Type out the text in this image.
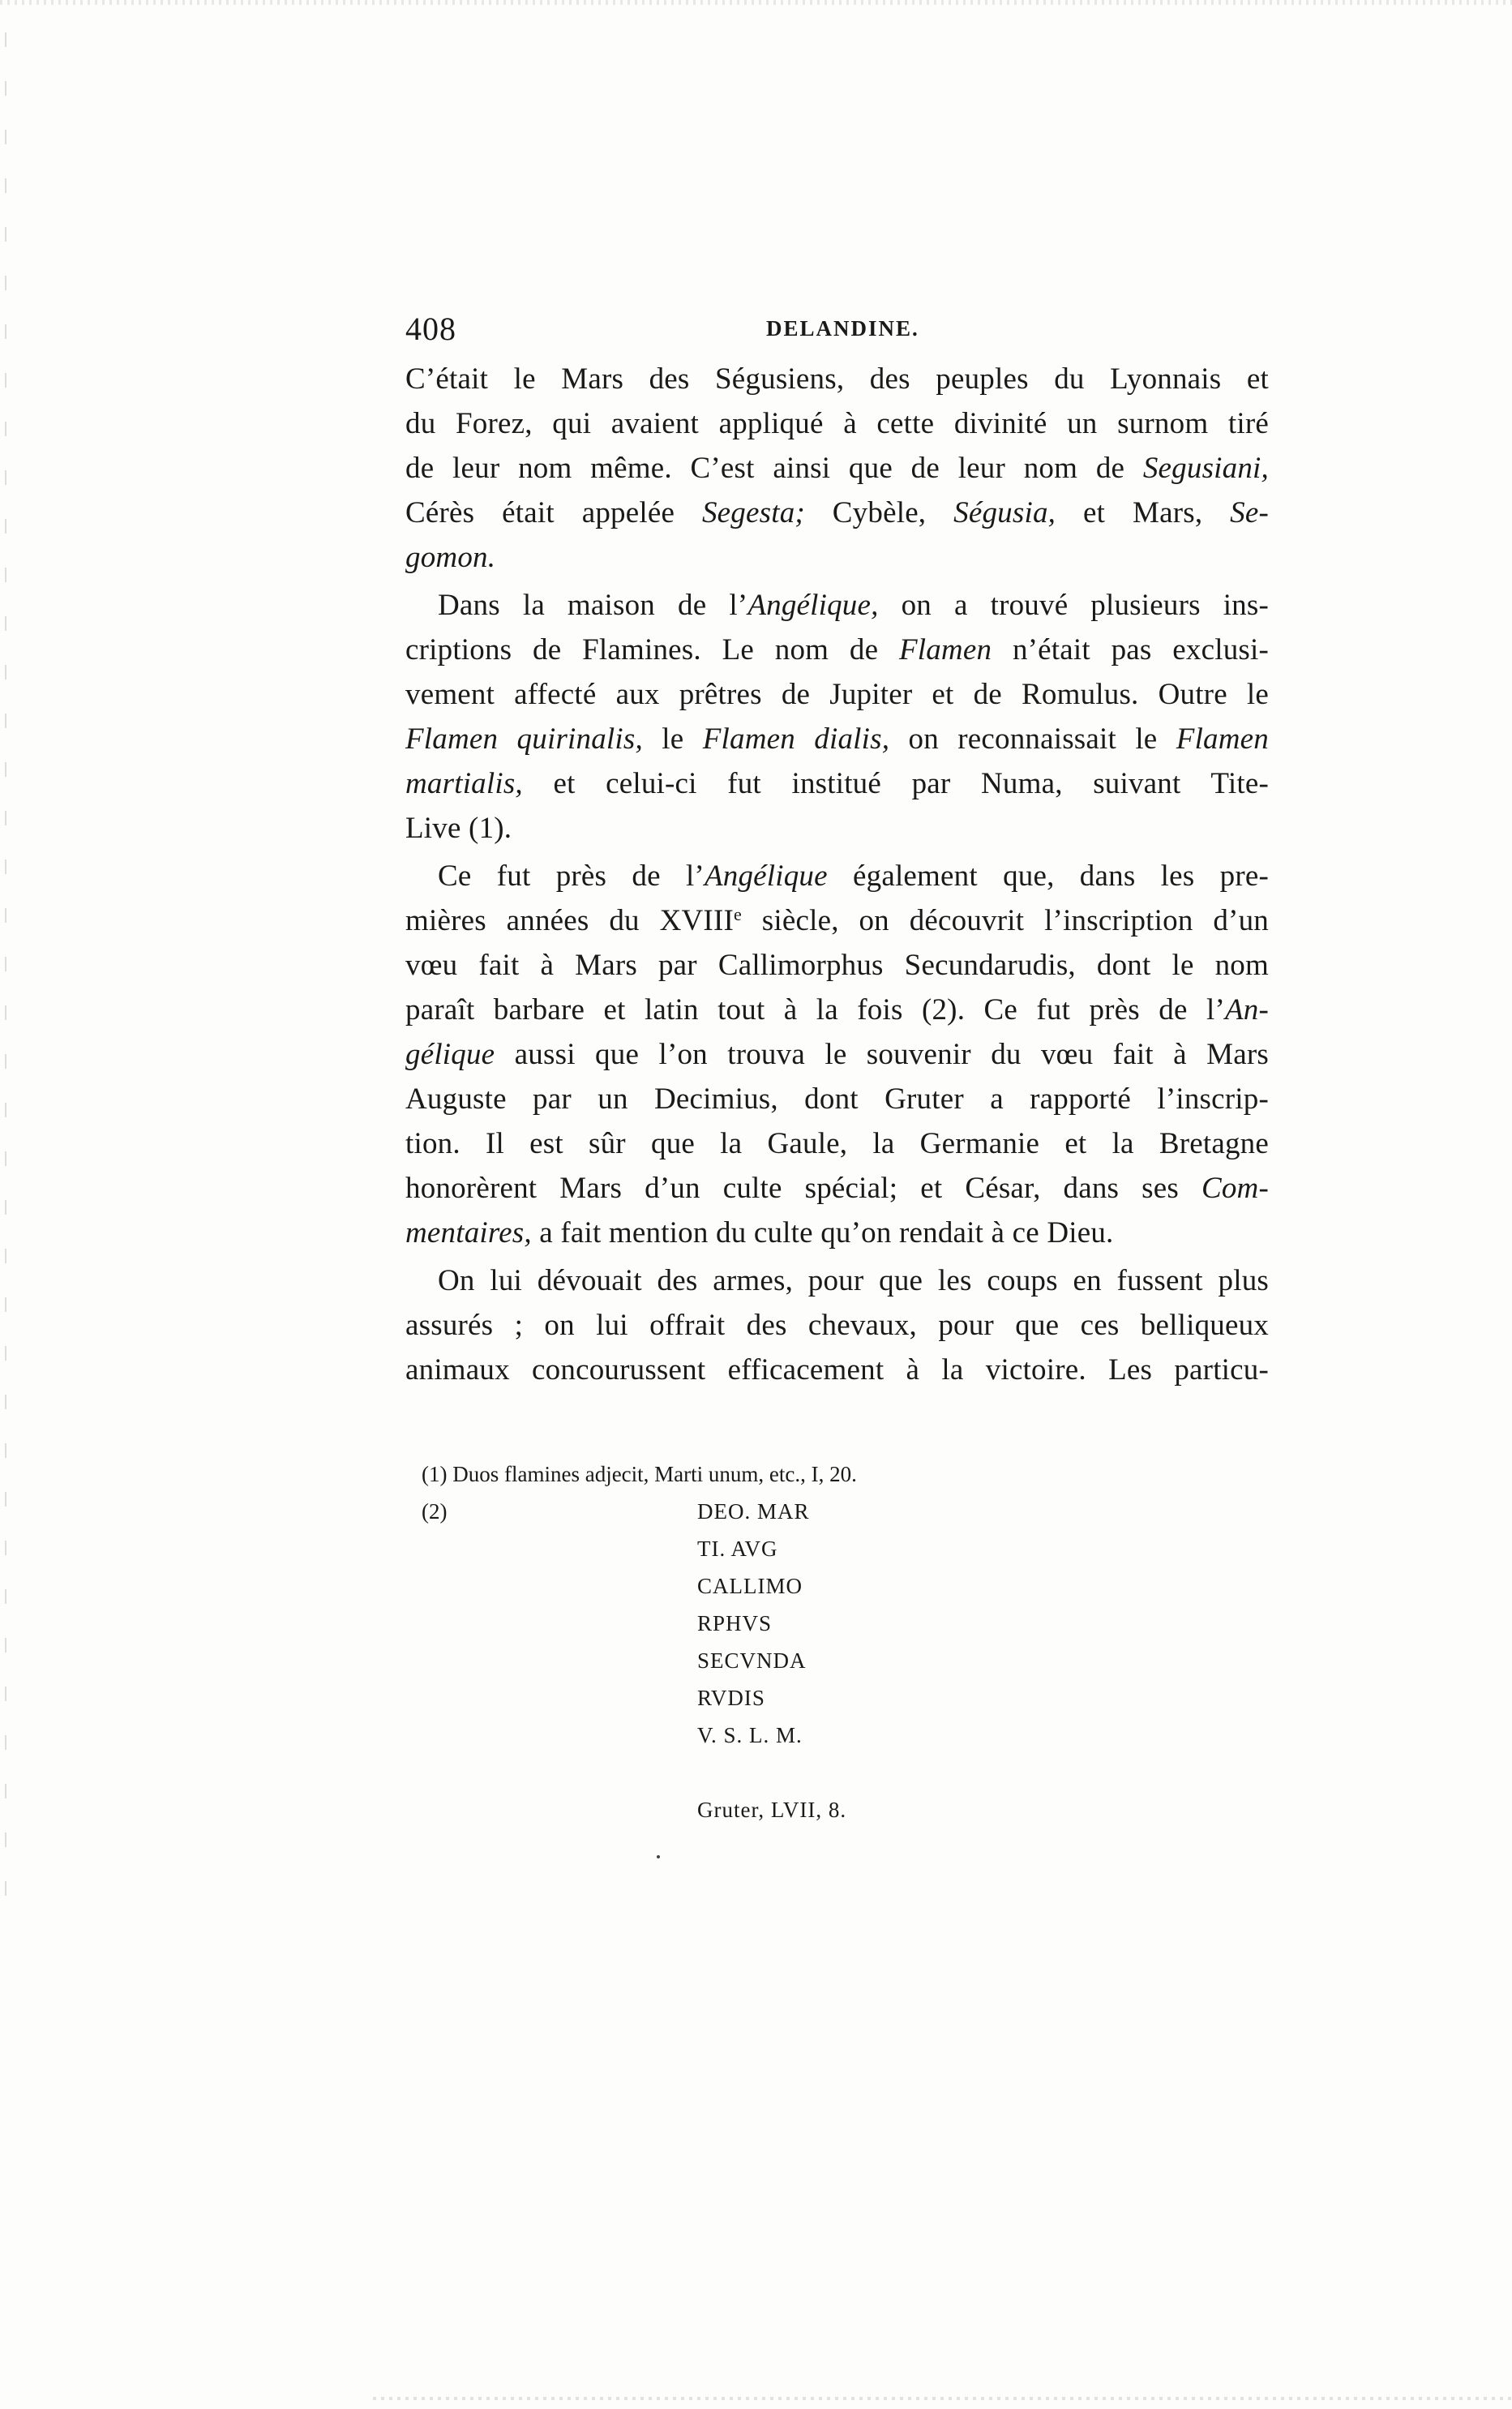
408	DELANDINE.
C’était le Mars des Ségusiens, des peuples du Lyonnais et
du Forez, qui avaient appliqué à cette divinité un surnom tiré
de leur nom même. C’est ainsi que de leur nom de Segusiani,
Cérès était appelée Segesta; Cybèle, Ségusia, et Mars, Se-
gomon.
Dans la maison de l’Angélique, on a trouvé plusieurs ins-
criptions de Flamines. Le nom de Flamen n’était pas exclusi-
vement affecté aux prêtres de Jupiter et de Romulus. Outre le
Flamen quirinalis, le Flamen dialis, on reconnaissait le Flamen
martialis, et celui-ci fut institué par Numa, suivant Tite-
Live (1).
Ce fut près de l’Angélique également que, dans les pre-
mières années du XVIIIe siècle, on découvrit l’inscription d’un
vœu fait à Mars par Callimorphus Secundarudis, dont le nom
paraît barbare et latin tout à la fois (2). Ce fut près de l’An-
gélique aussi que l’on trouva le souvenir du vœu fait à Mars
Auguste par un Decimius, dont Gruter a rapporté l’inscrip-
tion. Il est sûr que la Gaule, la Germanie et la Bretagne
honorèrent Mars d’un culte spécial; et César, dans ses Com-
mentaires, a fait mention du culte qu’on rendait à ce Dieu.
On lui dévouait des armes, pour que les coups en fussent plus
assurés ; on lui offrait des chevaux, pour que ces belliqueux
animaux concourussent efficacement à la victoire. Les particu-
(1) Duos flamines adjecit, Marti unum, etc., I, 20.
(2)	DEO. MAR
TI. AVG
CALLIMO
RPHVS
SECVNDA
RVDIS
V. S. L. M.
Gruter, LVII, 8.
